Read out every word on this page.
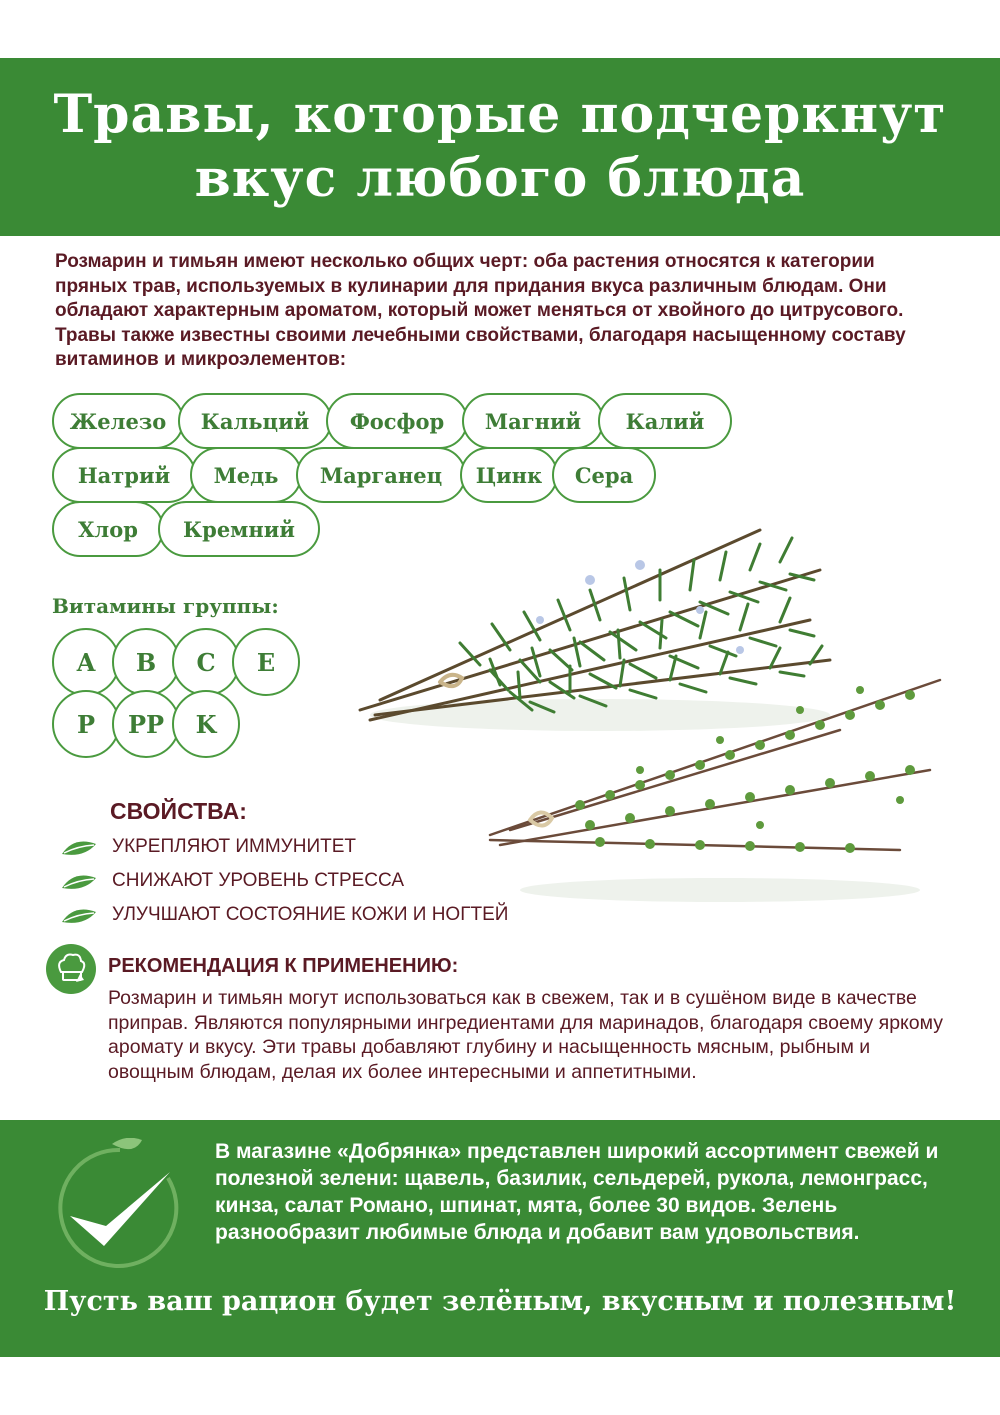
Травы, которые подчеркнут
вкус любого блюда
Розмарин и тимьян имеют несколько общих черт: оба растения относятся к категории пряных трав, используемых в кулинарии для придания вкуса различным блюдам. Они обладают характерным ароматом, который может меняться от хвойного до цитрусового. Травы также известны своими лечебными свойствами, благодаря насыщенному составу витаминов и микроэлементов:
Железо	Кальций	Фосфор	Магний	Калий
Натрий	Медь	Марганец	Цинк	Сера
Хлор	Кремний
Витамины группы:
A	B	C	E
P	PP	K
СВОЙСТВА:
УКРЕПЛЯЮТ ИММУНИТЕТ
СНИЖАЮТ УРОВЕНЬ СТРЕССА
УЛУЧШАЮТ СОСТОЯНИЕ КОЖИ И НОГТЕЙ
РЕКОМЕНДАЦИЯ К ПРИМЕНЕНИЮ:
Розмарин и тимьян могут использоваться как в свежем, так и в сушёном виде в качестве приправ. Являются популярными ингредиентами для маринадов, благодаря своему яркому аромату и вкусу. Эти травы добавляют глубину и насыщенность мясным, рыбным и овощным блюдам, делая их более интересными и аппетитными.
В магазине «Добрянка» представлен широкий ассортимент свежей и полезной зелени: щавель, базилик, сельдерей, рукола, лемонграсс, кинза, салат Романо, шпинат, мята, более 30 видов. Зелень разнообразит любимые блюда и добавит вам удовольствия.
Пусть ваш рацион будет зелёным, вкусным и полезным!
